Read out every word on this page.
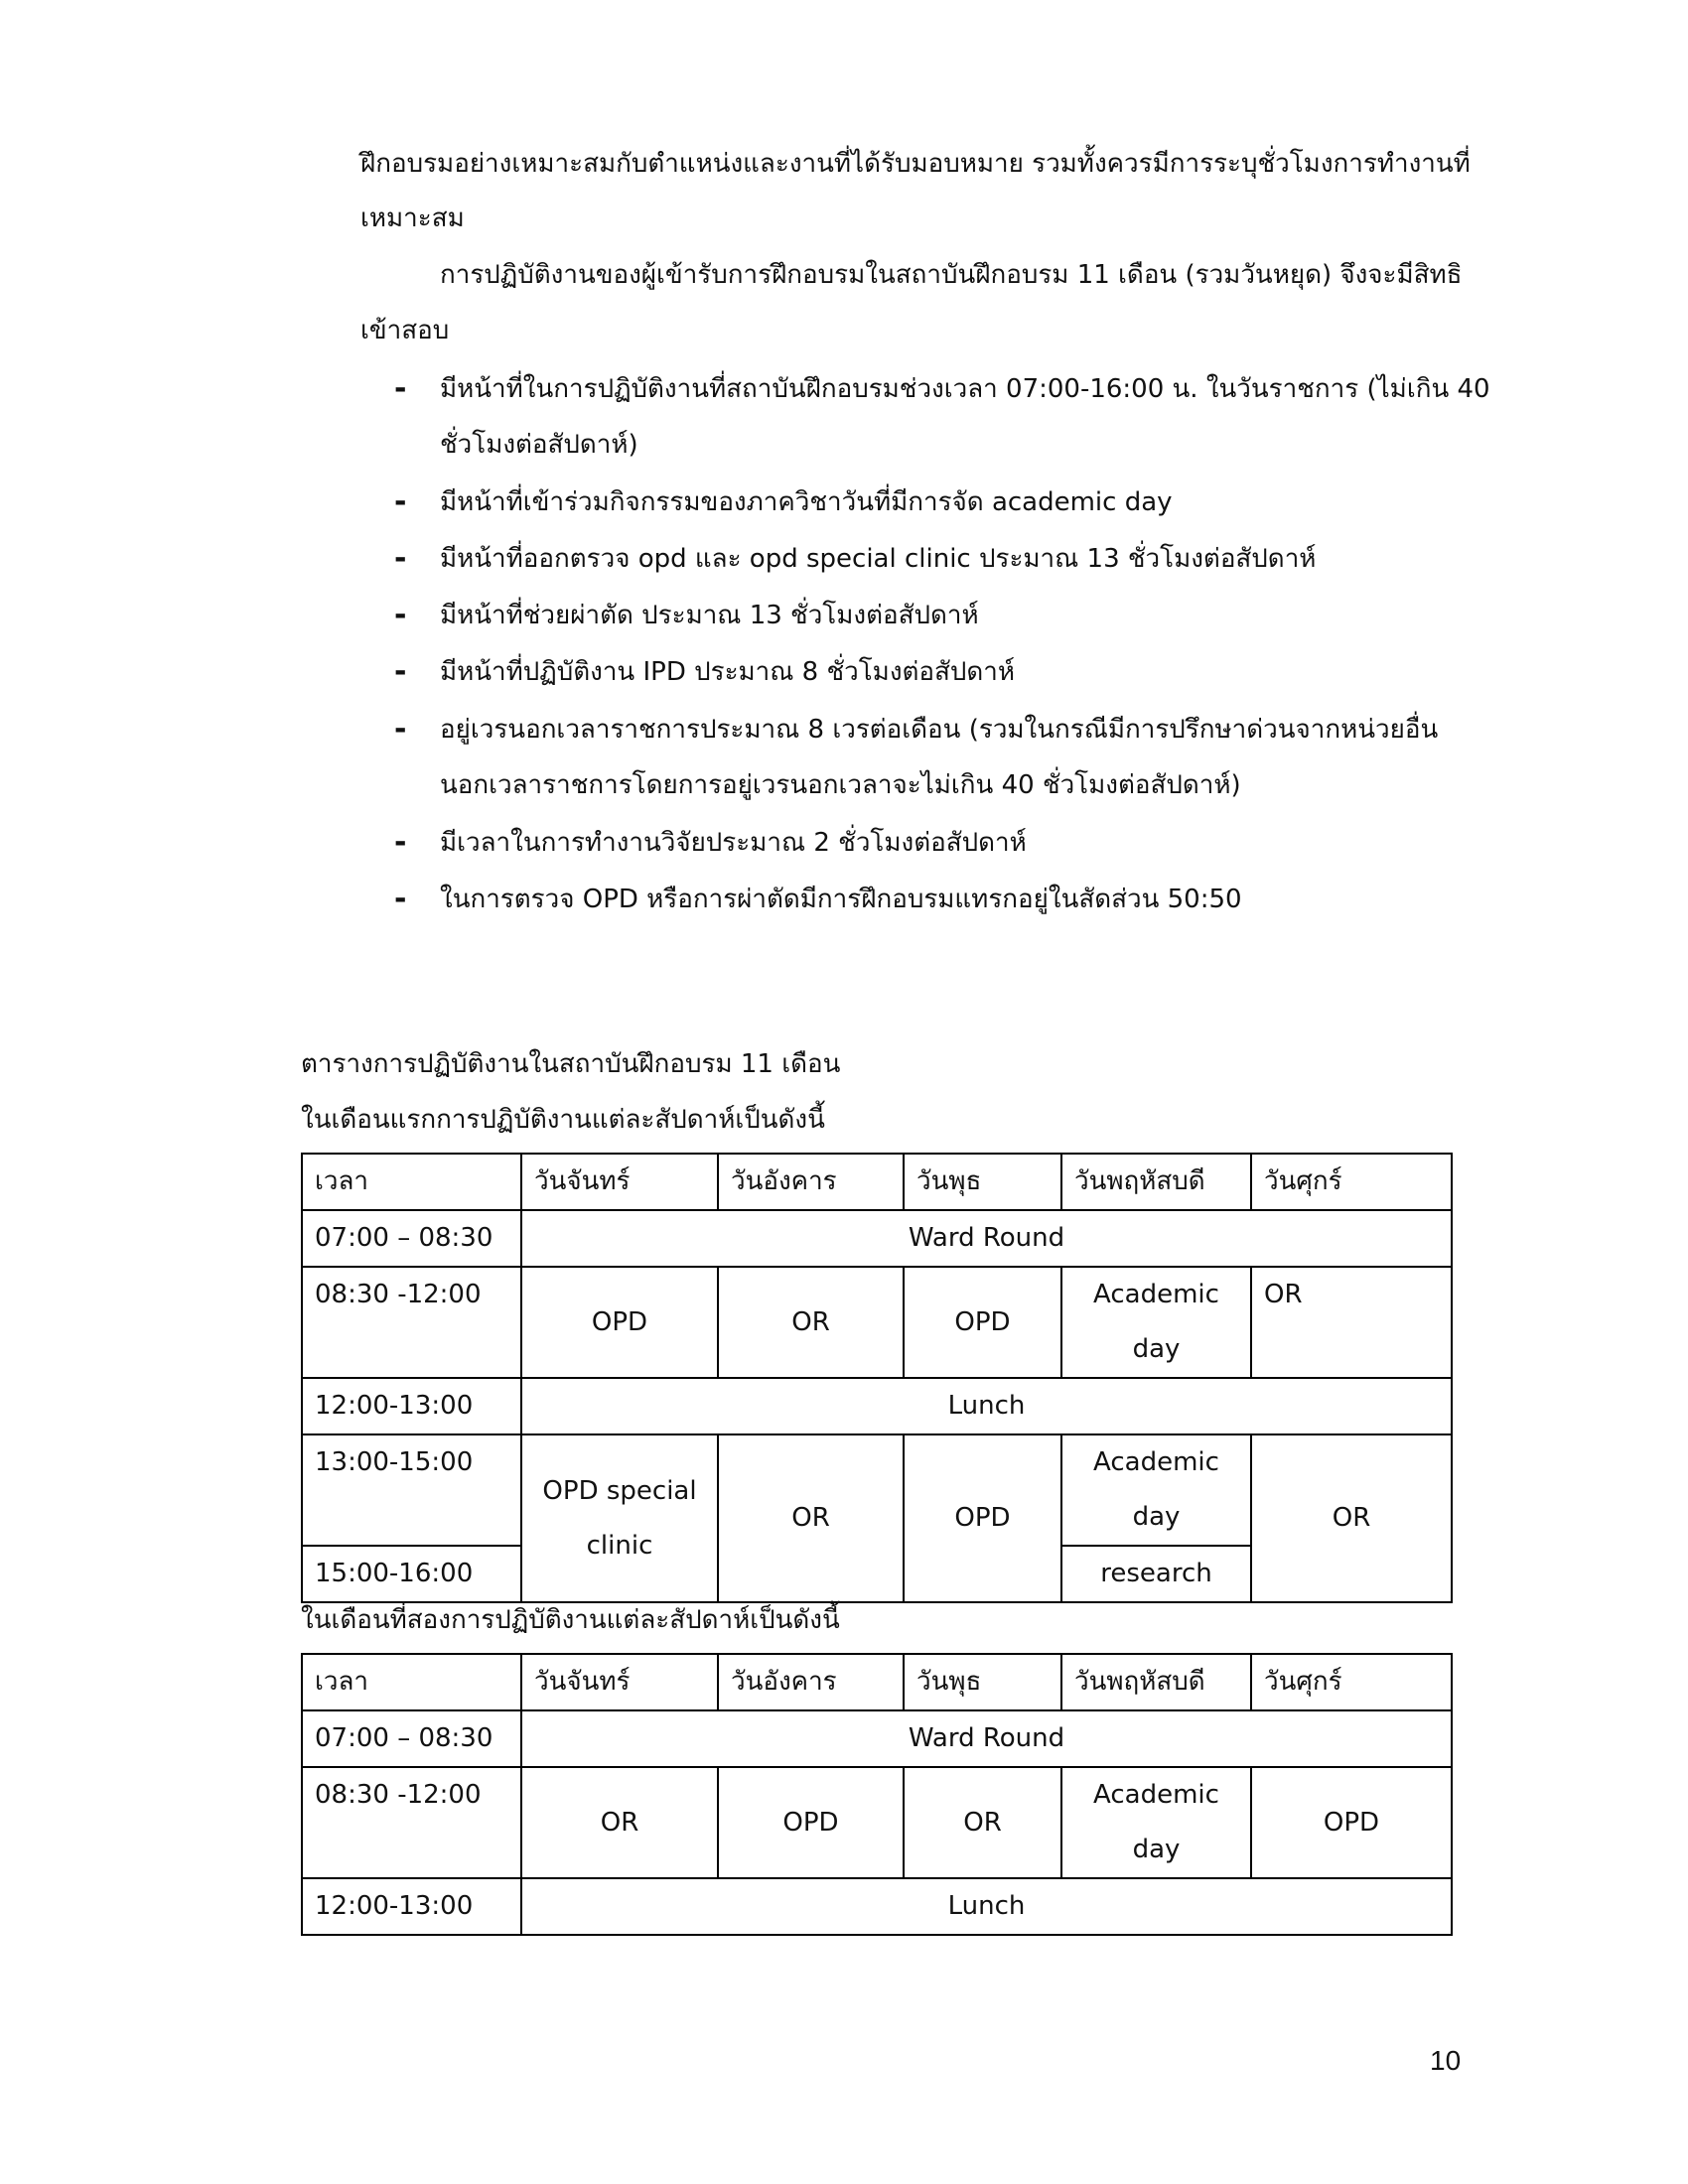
ฝึกอบรมอย่างเหมาะสมกับตำแหน่งและงานที่ได้รับมอบหมาย รวมทั้งควรมีการระบุชั่วโมงการทำงานที่
เหมาะสม
การปฏิบัติงานของผู้เข้ารับการฝึกอบรมในสถาบันฝึกอบรม 11 เดือน (รวมวันหยุด) จึงจะมีสิทธิ
เข้าสอบ
- มีหน้าที่ในการปฏิบัติงานที่สถาบันฝึกอบรมช่วงเวลา 07:00-16:00 น. ในวันราชการ (ไม่เกิน 40
ชั่วโมงต่อสัปดาห์)
- มีหน้าที่เข้าร่วมกิจกรรมของภาควิชาวันที่มีการจัด academic day
- มีหน้าที่ออกตรวจ opd และ opd special clinic ประมาณ 13 ชั่วโมงต่อสัปดาห์
- มีหน้าที่ช่วยผ่าตัด ประมาณ 13 ชั่วโมงต่อสัปดาห์
- มีหน้าที่ปฏิบัติงาน IPD ประมาณ 8 ชั่วโมงต่อสัปดาห์
- อยู่เวรนอกเวลาราชการประมาณ 8 เวรต่อเดือน (รวมในกรณีมีการปรึกษาด่วนจากหน่วยอื่น
นอกเวลาราชการโดยการอยู่เวรนอกเวลาจะไม่เกิน 40 ชั่วโมงต่อสัปดาห์)
- มีเวลาในการทำงานวิจัยประมาณ 2 ชั่วโมงต่อสัปดาห์
- ในการตรวจ OPD หรือการผ่าตัดมีการฝึกอบรมแทรกอยู่ในสัดส่วน 50:50
ตารางการปฏิบัติงานในสถาบันฝึกอบรม 11 เดือน
ในเดือนแรกการปฏิบัติงานแต่ละสัปดาห์เป็นดังนี้
เวลา	วันจันทร์	วันอังคาร	วันพุธ	วันพฤหัสบดี	วันศุกร์
07:00 – 08:30	Ward Round				
08:30 -12:00	OPD	OR	OPD	Academic day	OR
12:00-13:00	Lunch				
13:00-15:00	OPD special clinic	OR	OPD	Academic day	OR
15:00-16:00				research	
ในเดือนที่สองการปฏิบัติงานแต่ละสัปดาห์เป็นดังนี้
เวลา	วันจันทร์	วันอังคาร	วันพุธ	วันพฤหัสบดี	วันศุกร์
07:00 – 08:30	Ward Round				
08:30 -12:00	OR	OPD	OR	Academic day	OPD
12:00-13:00	Lunch				
10
